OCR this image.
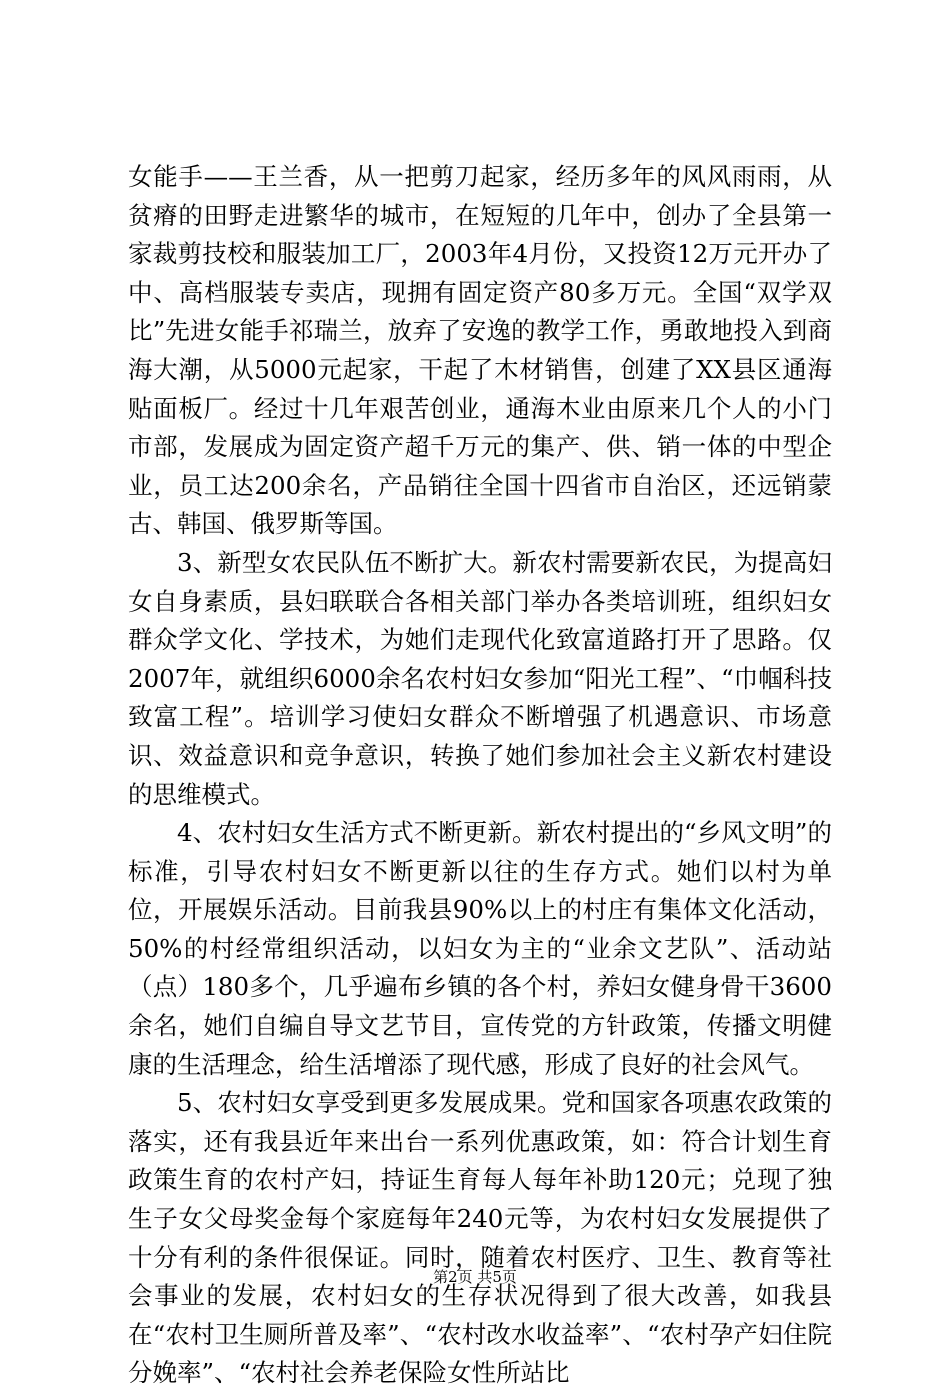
女能手——王兰香，从一把剪刀起家，经历多年的风风雨雨，从贫瘠的田野走进繁华的城市，在短短的几年中，创办了全县第一家裁剪技校和服装加工厂，2003年4月份，又投资12万元开办了中、高档服装专卖店，现拥有固定资产80多万元。全国“双学双比”先进女能手祁瑞兰，放弃了安逸的教学工作，勇敢地投入到商海大潮，从5000元起家，干起了木材销售，创建了XX县区通海贴面板厂。经过十几年艰苦创业，通海木业由原来几个人的小门市部，发展成为固定资产超千万元的集产、供、销一体的中型企业，员工达200余名，产品销往全国十四省市自治区，还远销蒙古、韩国、俄罗斯等国。

3、新型女农民队伍不断扩大。新农村需要新农民，为提高妇女自身素质，县妇联联合各相关部门举办各类培训班，组织妇女群众学文化、学技术，为她们走现代化致富道路打开了思路。仅2007年，就组织6000余名农村妇女参加“阳光工程”、“巾帼科技致富工程”。培训学习使妇女群众不断增强了机遇意识、市场意识、效益意识和竞争意识，转换了她们参加社会主义新农村建设的思维模式。

4、农村妇女生活方式不断更新。新农村提出的“乡风文明”的标准，引导农村妇女不断更新以往的生存方式。她们以村为单位，开展娱乐活动。目前我县90%以上的村庄有集体文化活动，50%的村经常组织活动，以妇女为主的“业余文艺队”、活动站（点）180多个，几乎遍布乡镇的各个村，养妇女健身骨干3600余名，她们自编自导文艺节目，宣传党的方针政策，传播文明健康的生活理念，给生活增添了现代感，形成了良好的社会风气。

5、农村妇女享受到更多发展成果。党和国家各项惠农政策的落实，还有我县近年来出台一系列优惠政策，如：符合计划生育政策生育的农村产妇，持证生育每人每年补助120元；兑现了独生子女父母奖金每个家庭每年240元等，为农村妇女发展提供了十分有利的条件很保证。同时，随着农村医疗、卫生、教育等社会事业的发展，农村妇女的生存状况得到了很大改善，如我县在“农村卫生厕所普及率”、“农村改水收益率”、“农村孕产妇住院分娩率”、“农村社会养老保险女性所站比

第2页 共5页
